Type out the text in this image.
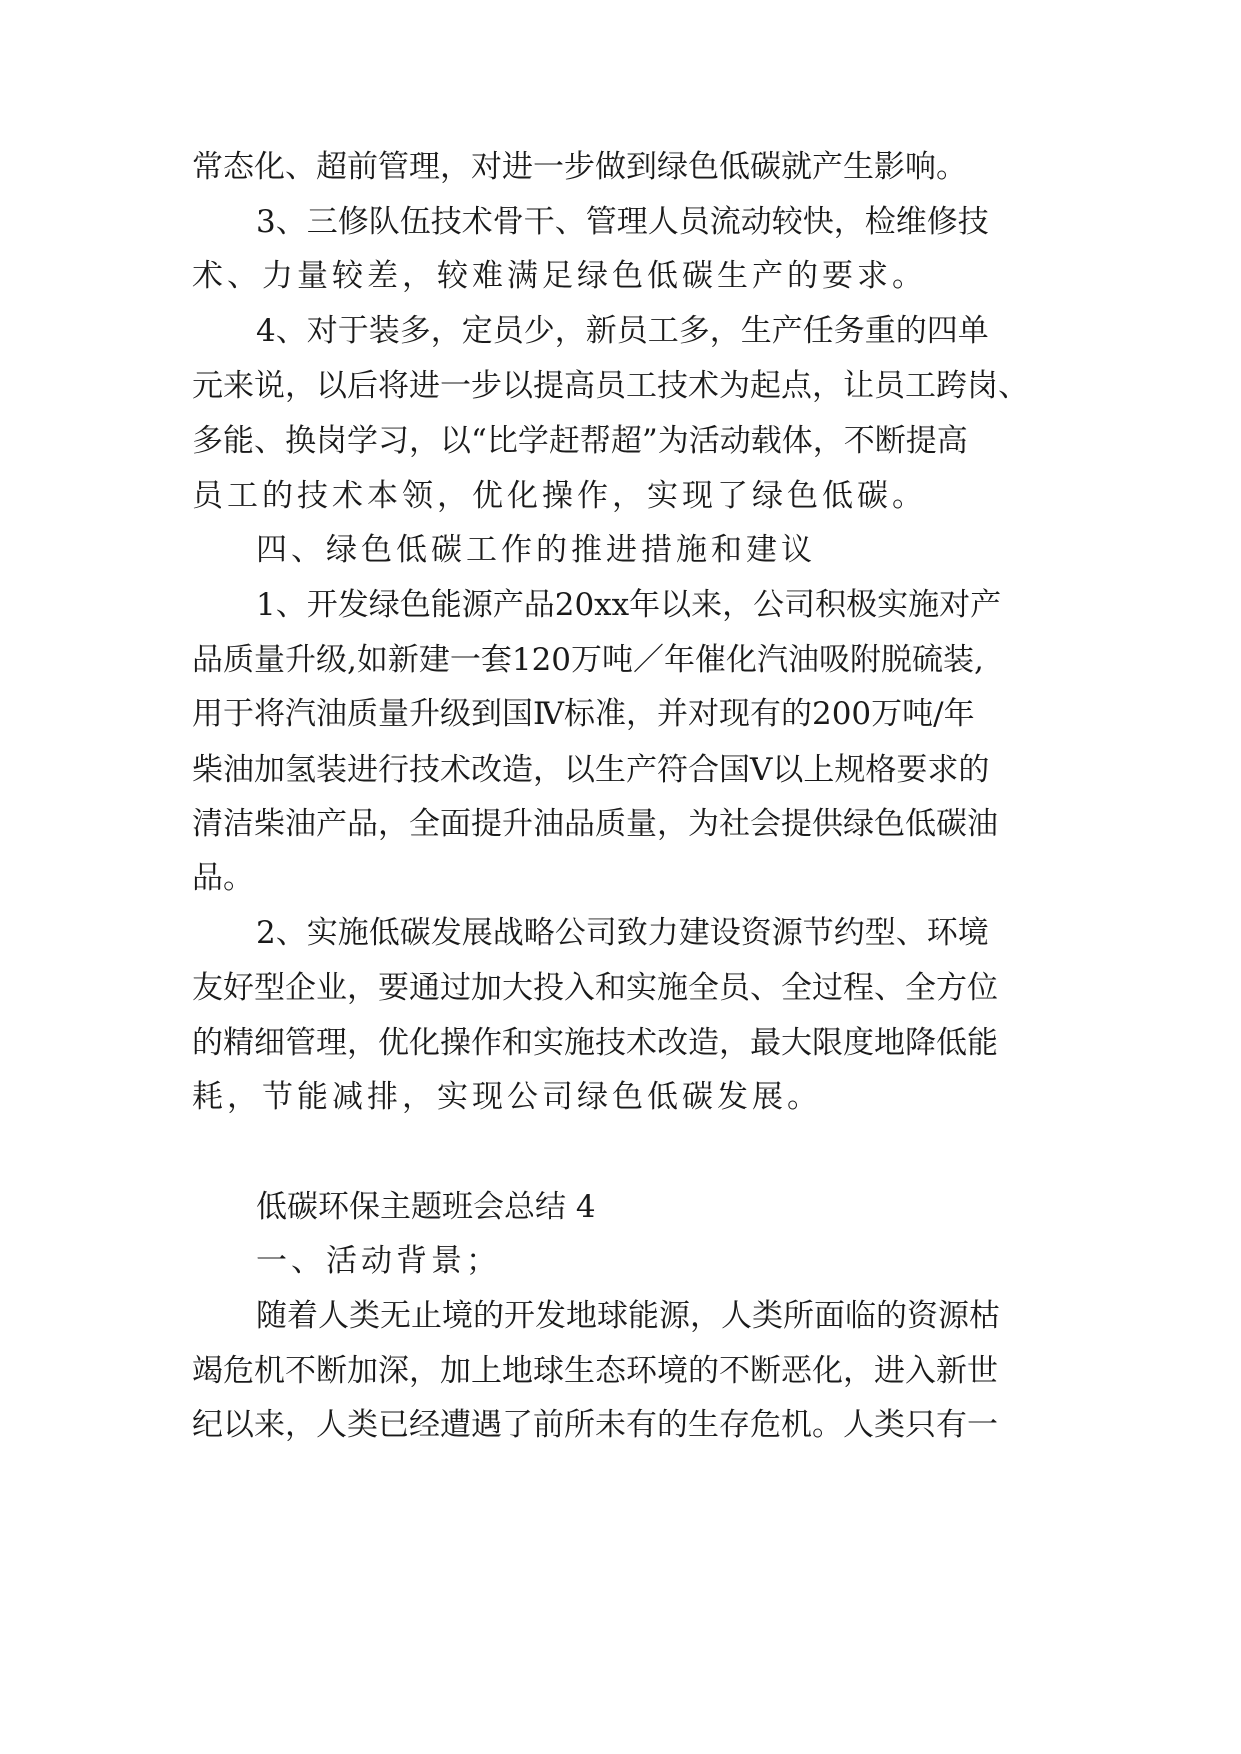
常态化、超前管理，对进一步做到绿色低碳就产生影响。
3、三修队伍技术骨干、管理人员流动较快，检维修技
术、力量较差，较难满足绿色低碳生产的要求。
4、对于装多，定员少，新员工多，生产任务重的四单
元来说，以后将进一步以提高员工技术为起点，让员工跨岗、
多能、换岗学习，以“比学赶帮超”为活动载体，不断提高
员工的技术本领，优化操作，实现了绿色低碳。
四、绿色低碳工作的推进措施和建议
1、开发绿色能源产品20xx年以来，公司积极实施对产
品质量升级,如新建一套120万吨／年催化汽油吸附脱硫装,
用于将汽油质量升级到国Ⅳ标准，并对现有的200万吨/年
柴油加氢装进行技术改造，以生产符合国Ⅴ以上规格要求的
清洁柴油产品，全面提升油品质量，为社会提供绿色低碳油
品。
2、实施低碳发展战略公司致力建设资源节约型、环境
友好型企业，要通过加大投入和实施全员、全过程、全方位
的精细管理，优化操作和实施技术改造，最大限度地降低能
耗，节能减排，实现公司绿色低碳发展。
低碳环保主题班会总结 4
一、活动背景；
随着人类无止境的开发地球能源，人类所面临的资源枯
竭危机不断加深，加上地球生态环境的不断恶化，进入新世
纪以来，人类已经遭遇了前所未有的生存危机。人类只有一
